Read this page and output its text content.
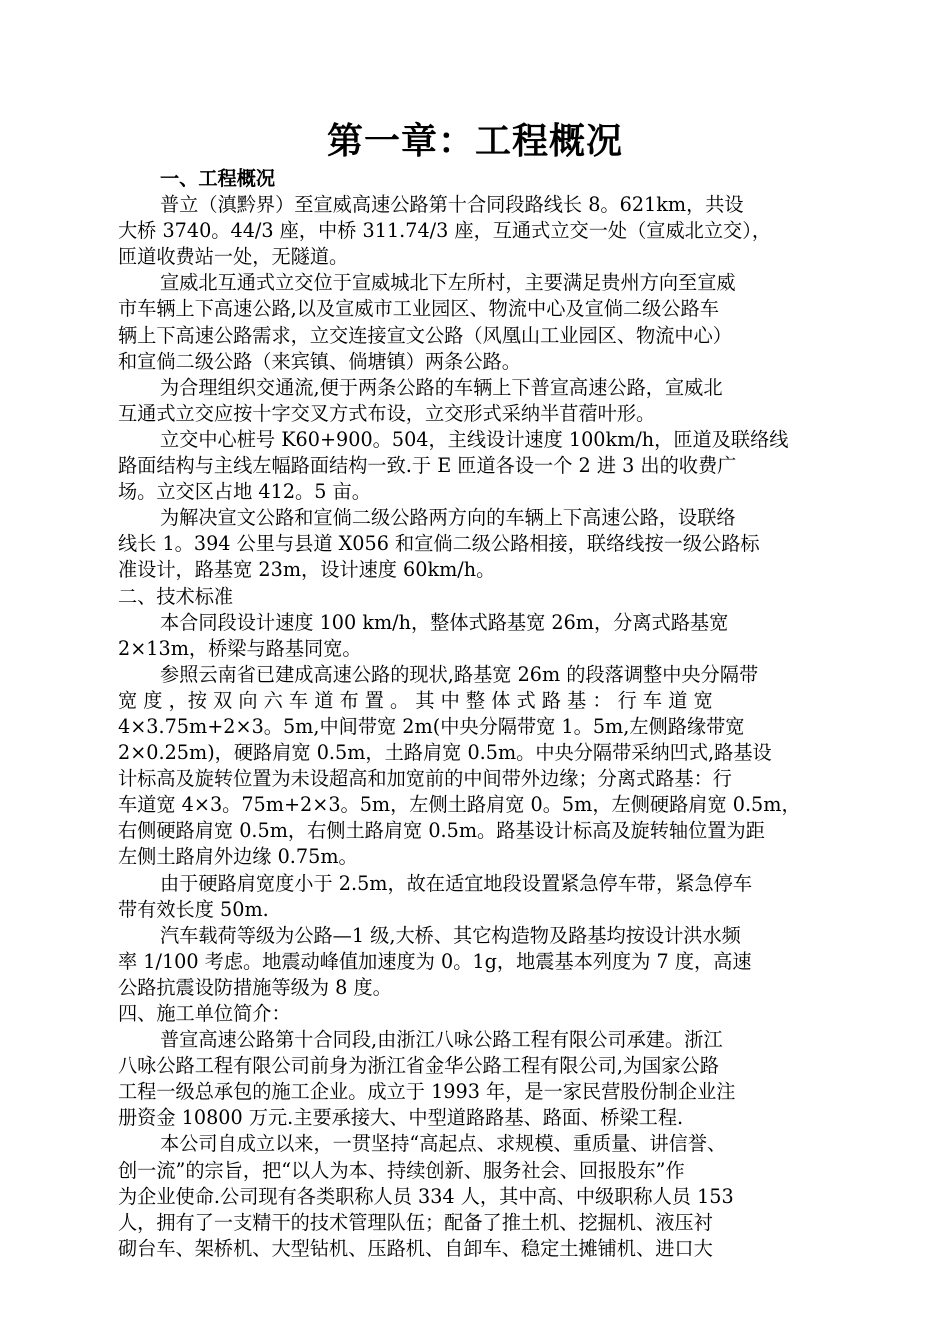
第一章：工程概况
一、工程概况
普立（滇黔界）至宣威高速公路第十合同段路线长 8。621km，共设
大桥 3740。44/3 座，中桥 311.74/3 座，互通式立交一处（宣威北立交），
匝道收费站一处，无隧道。
宣威北互通式立交位于宣威城北下左所村，主要满足贵州方向至宣威
市车辆上下高速公路,以及宣威市工业园区、物流中心及宣倘二级公路车
辆上下高速公路需求，立交连接宣文公路（风凰山工业园区、物流中心）
和宣倘二级公路（来宾镇、倘塘镇）两条公路。
为合理组织交通流,便于两条公路的车辆上下普宣高速公路，宣威北
互通式立交应按十字交叉方式布设，立交形式采纳半苜蓿叶形。
立交中心桩号 K60+900。504，主线设计速度 100km/h，匝道及联络线
路面结构与主线左幅路面结构一致.于 E 匝道各设一个 2 进 3 出的收费广
场。立交区占地 412。5 亩。
为解决宣文公路和宣倘二级公路两方向的车辆上下高速公路，设联络
线长 1。394 公里与县道 X056 和宣倘二级公路相接，联络线按一级公路标
准设计，路基宽 23m，设计速度 60km/h。
二、技术标准
本合同段设计速度 100 km/h，整体式路基宽 26m，分离式路基宽
2×13m，桥梁与路基同宽。
参照云南省已建成高速公路的现状,路基宽 26m 的段落调整中央分隔带
宽 度 ，按 双 向 六 车 道 布 置 。 其 中 整 体 式 路 基 ： 行 车 道 宽
4×3.75m+2×3。5m,中间带宽 2m(中央分隔带宽 1。5m,左侧路缘带宽
2×0.25m)，硬路肩宽 0.5m，土路肩宽 0.5m。中央分隔带采纳凹式,路基设
计标高及旋转位置为未设超高和加宽前的中间带外边缘；分离式路基：行
车道宽 4×3。75m+2×3。5m，左侧土路肩宽 0。5m，左侧硬路肩宽 0.5m，
右侧硬路肩宽 0.5m，右侧土路肩宽 0.5m。路基设计标高及旋转轴位置为距
左侧土路肩外边缘 0.75m。
由于硬路肩宽度小于 2.5m，故在适宜地段设置紧急停车带，紧急停车
带有效长度 50m.
汽车载荷等级为公路—1 级,大桥、其它构造物及路基均按设计洪水频
率 1/100 考虑。地震动峰值加速度为 0。1g，地震基本列度为 7 度，高速
公路抗震设防措施等级为 8 度。
四、施工单位简介：
普宣高速公路第十合同段,由浙江八咏公路工程有限公司承建。浙江
八咏公路工程有限公司前身为浙江省金华公路工程有限公司,为国家公路
工程一级总承包的施工企业。成立于 1993 年，是一家民营股份制企业注
册资金 10800 万元.主要承接大、中型道路路基、路面、桥梁工程.
本公司自成立以来，一贯坚持“高起点、求规模、重质量、讲信誉、
创一流”的宗旨，把“以人为本、持续创新、服务社会、回报股东”作
为企业使命.公司现有各类职称人员 334 人，其中高、中级职称人员 153
人，拥有了一支精干的技术管理队伍；配备了推土机、挖掘机、液压衬
砌台车、架桥机、大型钻机、压路机、自卸车、稳定土摊铺机、进口大
